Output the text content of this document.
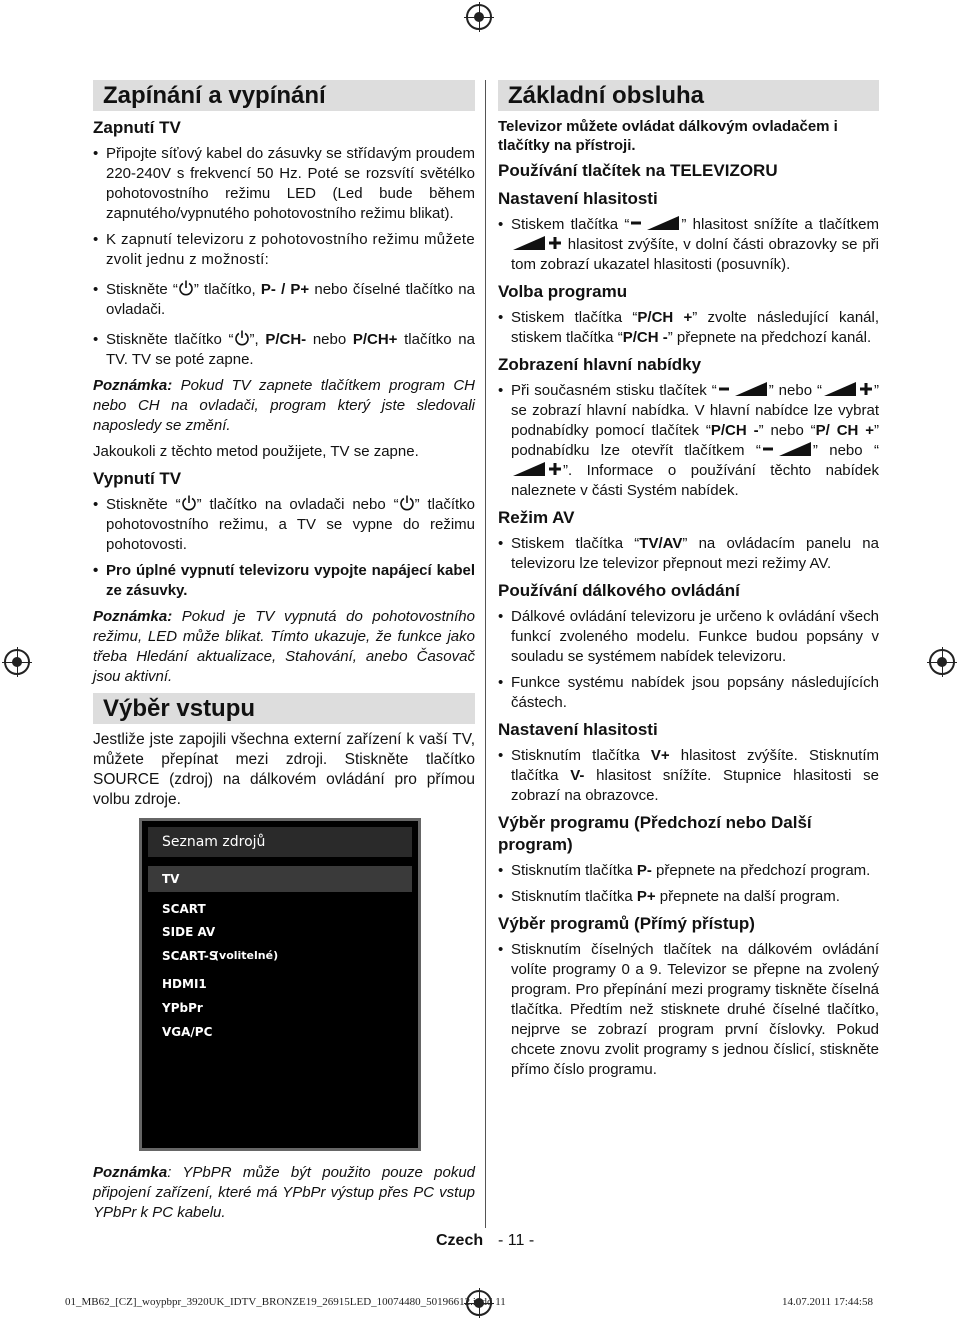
Zapínání a vypínání
Zapnutí TV
• Připojte síťový kabel do zásuvky se střídavým proudem 220-240V s frekvencí 50 Hz. Poté se rozsvítí světélko pohotovostního režimu LED (Led bude během zapnutého/vypnutého pohotovostního režimu blikat).
• K zapnutí televizoru z pohotovostního režimu můžete zvolit jednu z možností:
• Stiskněte “ ” tlačítko, P- / P+ nebo číselné tlačítko na ovladači.
• Stiskněte tlačítko “ ”, P/CH- nebo P/CH+ tlačítko na TV. TV se poté zapne.

Poznámka: Pokud TV zapnete tlačítkem program CH nebo CH na ovladači, program který jste sledovali naposledy se změní.

Jakoukoli z těchto metod použijete, TV se zapne.

Vypnutí TV
• Stiskněte “ ” tlačítko na ovladači nebo “ ” tlačítko pohotovostního režimu, a TV se vypne do režimu pohotovosti.
• Pro úplné vypnutí televizoru vypojte napájecí kabel ze zásuvky.

Poznámka: Pokud je TV vypnutá do pohotovostního režimu, LED může blikat. Tímto ukazuje, že funkce jako třeba Hledání aktualizace, Stahování, anebo Časovač jsou aktivní.

Výběr vstupu

Jestliže jste zapojili všechna externí zařízení k vaší TV, můžete přepínat mezi zdroji. Stiskněte tlačítko SOURCE (zdroj) na dálkovém ovládání pro přímou volbu zdroje.

Seznam zdrojů
TV
SCART
SIDE AV
SCART-S
(volitelné)
HDMI1
YPbPr
VGA/PC

Poznámka: YPbPR může být použito pouze pokud připojení zařízení, které má YPbPr výstup přes PC vstup YPbPr k PC kabelu.

Základní obsluha
Televizor můžete ovládat dálkovým ovladačem i tlačítky na přístroji.
Používání tlačítek na TELEVIZORU
Nastavení hlasitosti
• Stiskem tlačítka “	” hlasitost snížíte a tlačítkem  hlasitost zvýšíte, v dolní části obrazovky se při tom zobrazí ukazatel hlasitosti (posuvník).
Volba programu
• Stiskem tlačítka “P/CH +” zvolte následující kanál, stiskem tlačítka “P/CH -” přepnete na předchozí kanál.
Zobrazení hlavní nabídky
• Při současném stisku tlačítek “	” nebo “	” se zobrazí hlavní nabídka. V hlavní nabídce lze vybrat podnabídky pomocí tlačítek “P/CH -” nebo “P/ CH +” podnabídku lze otevřít tlačítkem “	” nebo “”. Informace o používání těchto nabídek naleznete v části Systém nabídek.
Režim AV
• Stiskem tlačítka “TV/AV” na ovládacím panelu na televizoru lze televizor přepnout mezi režimy AV.
Používání dálkového ovládání
• Dálkové ovládání televizoru je určeno k ovládání všech funkcí zvoleného modelu. Funkce budou popsány v souladu se systémem nabídek televizoru.
• Funkce systému nabídek jsou popsány následujících částech.
Nastavení hlasitosti
• Stisknutím tlačítka V+ hlasitost zvýšíte. Stisknutím tlačítka V- hlasitost snížíte. Stupnice hlasitosti se zobrazí na obrazovce.
Výběr programu (Předchozí nebo Další program)
• Stisknutím tlačítka P- přepnete na předchozí program.
• Stisknutím tlačítka P+ přepnete na další program.
Výběr programů (Přímý přístup)
• Stisknutím číselných tlačítek na dálkovém ovládání volíte programy 0 a 9. Televizor se přepne na zvolený program. Pro přepínání mezi programy tiskněte číselná tlačítka. Předtím než stisknete druhé číselné tlačítko, nejprve se zobrazí program první číslovky. Pokud chcete znovu zvolit programy s jednou číslicí, stiskněte přímo číslo programu.
Czech - 11 -
01_MB62_[CZ]_woypbpr_3920UK_IDTV_BRONZE19_26915LED_10074480_50196612.indd 11	14.07.2011 17:44:58
